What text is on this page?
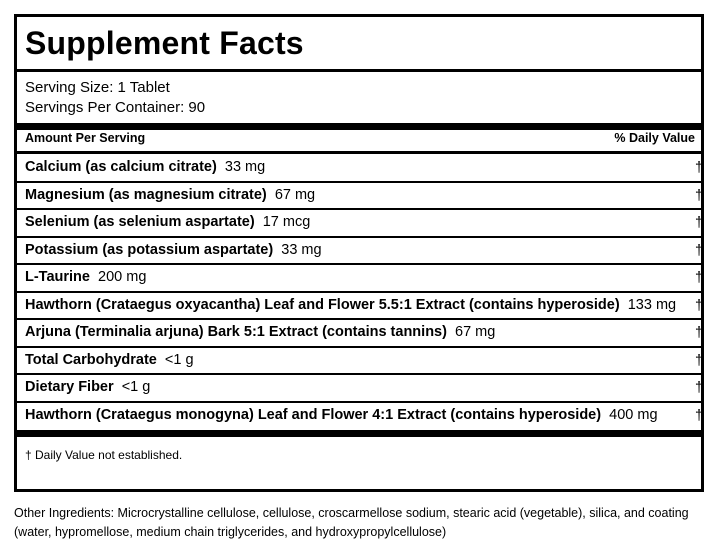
Supplement Facts
Serving Size: 1 Tablet
Servings Per Container: 90
Amount Per Serving	% Daily Value
Calcium (as calcium citrate) 33 mg	†
Magnesium (as magnesium citrate) 67 mg	†
Selenium (as selenium aspartate) 17 mcg	†
Potassium (as potassium aspartate) 33 mg	†
L-Taurine 200 mg	†
Hawthorn (Crataegus oxyacantha) Leaf and Flower 5.5:1 Extract (contains hyperoside) 133 mg †
Arjuna (Terminalia arjuna) Bark 5:1 Extract (contains tannins) 67 mg	†
Total Carbohydrate <1 g	†
Dietary Fiber <1 g	†
Hawthorn (Crataegus monogyna) Leaf and Flower 4:1 Extract (contains hyperoside) 400 mg	†
† Daily Value not established.
Other Ingredients: Microcrystalline cellulose, cellulose, croscarmellose sodium, stearic acid (vegetable), silica, and coating (water, hypromellose, medium chain triglycerides, and hydroxypropylcellulose)
